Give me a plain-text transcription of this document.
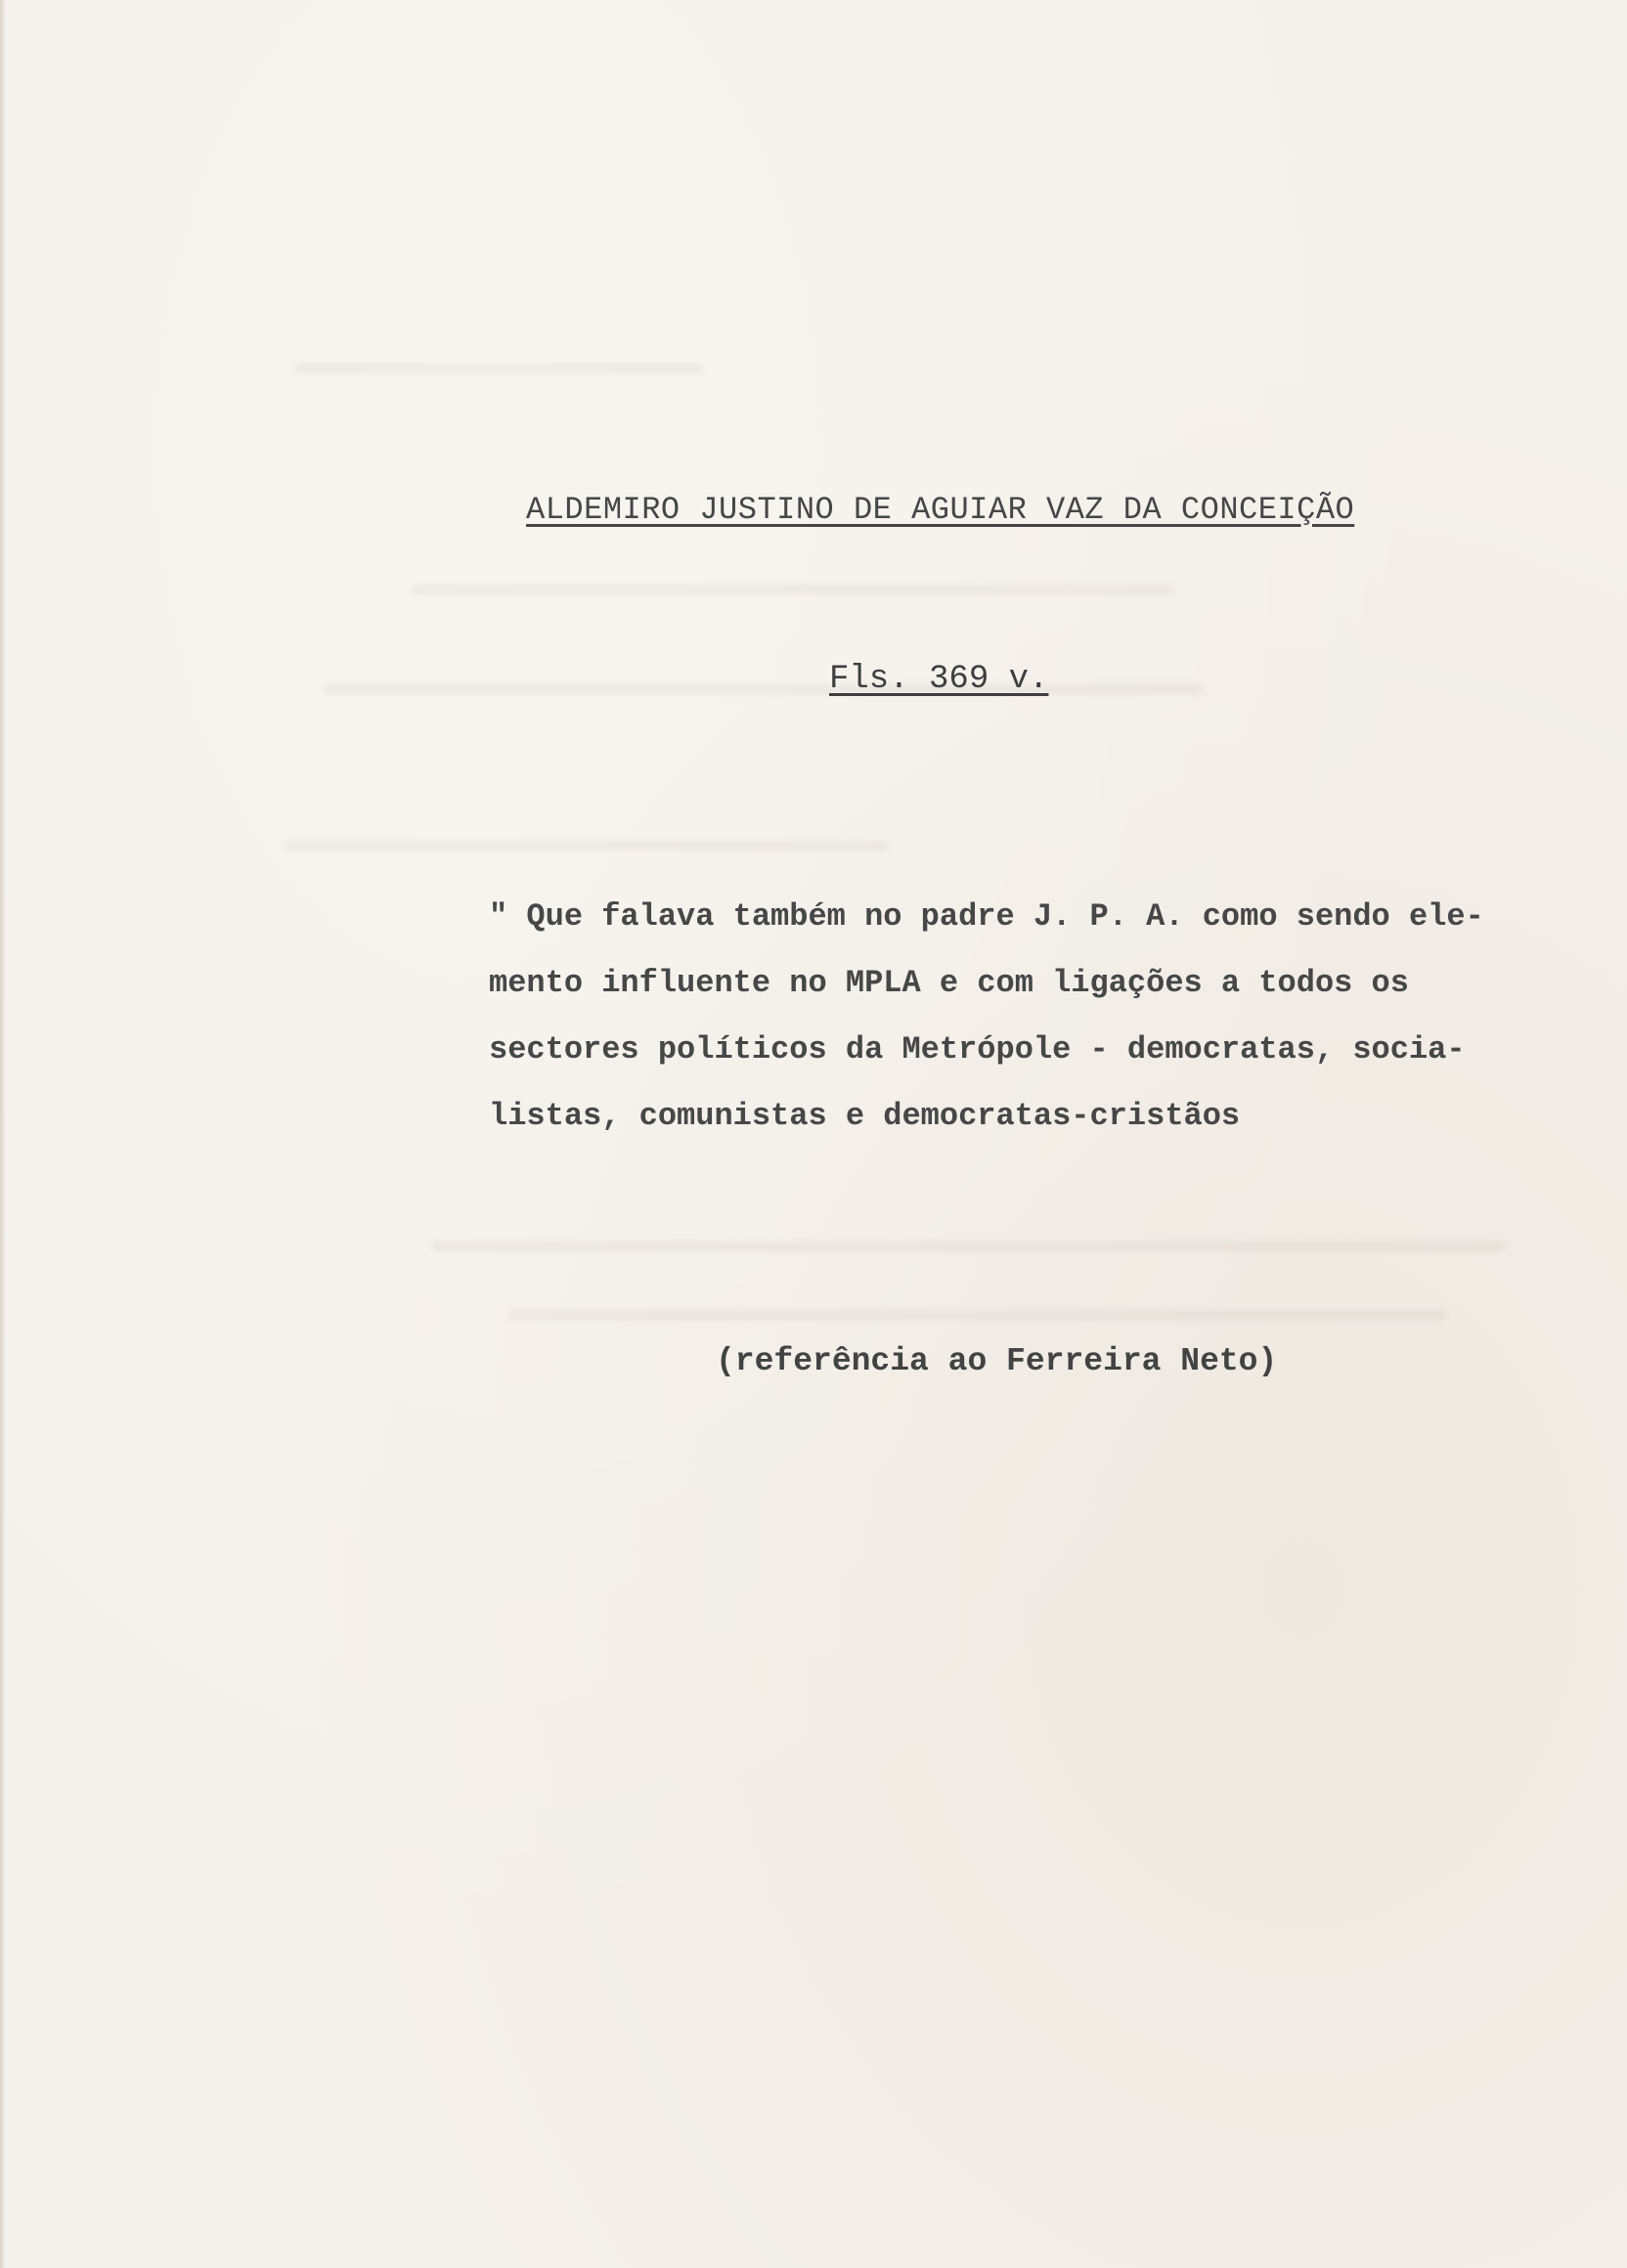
ALDEMIRO JUSTINO DE AGUIAR VAZ DA CONCEIÇÃO
Fls. 369 v.
" Que falava também no padre J. P. A. como sendo ele-
mento influente no MPLA e com ligações a todos os
sectores políticos da Metrópole - democratas, socia-
listas, comunistas e democratas-cristãos
(referência ao Ferreira Neto)
